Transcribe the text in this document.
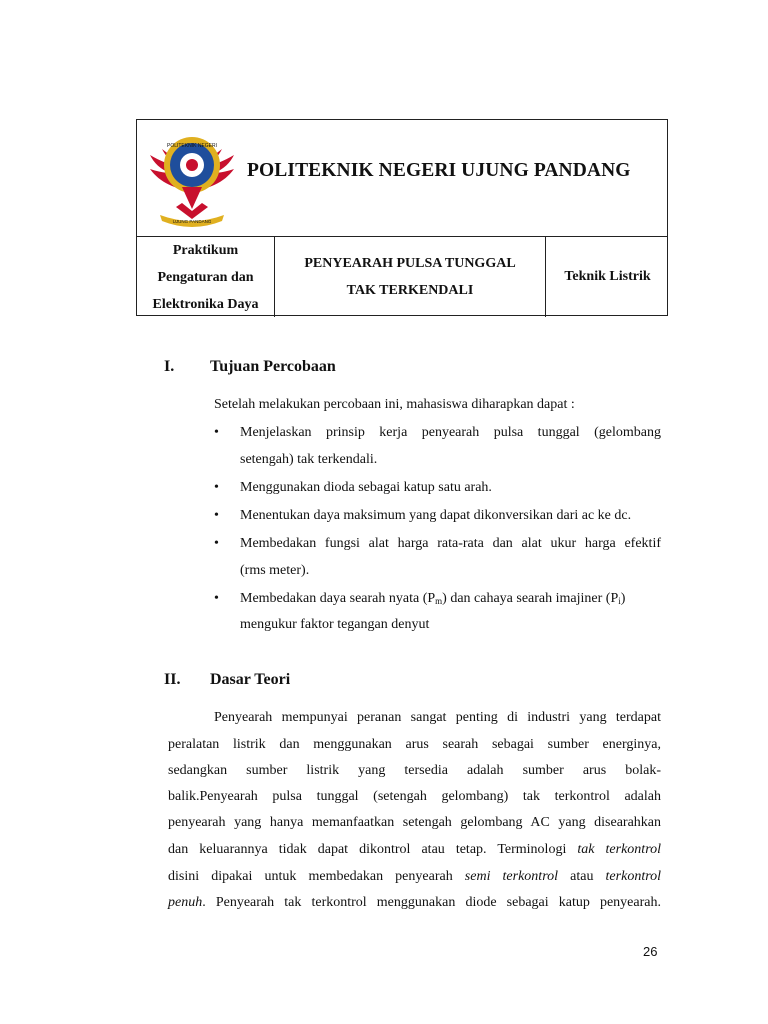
POLITEKNIK NEGERI
UJUNG PANDANG
POLITEKNIK NEGERI UJUNG PANDANG
Praktikum
Pengaturan dan
Elektronika Daya
PENYEARAH PULSA TUNGGAL
TAK TERKENDALI
Teknik Listrik
I. Tujuan Percobaan
Setelah melakukan percobaan ini, mahasiswa diharapkan dapat :
• Menjelaskan prinsip kerja penyearah pulsa tunggal (gelombang
setengah) tak terkendali.
• Menggunakan dioda sebagai katup satu arah.
• Menentukan daya maksimum yang dapat dikonversikan dari ac ke dc.
• Membedakan fungsi alat harga rata-rata dan alat ukur harga efektif
(rms meter).
• Membedakan daya searah nyata $(P_m)$ dan cahaya searah imajiner $(P_i)$
mengukur faktor tegangan denyut
II. Dasar Teori
Penyearah mempunyai peranan sangat penting di industri yang terdapat
peralatan listrik dan menggunakan arus searah sebagai sumber energinya,
sedangkan sumber listrik yang tersedia adalah sumber arus bolak-
balik.Penyearah pulsa tunggal (setengah gelombang) tak terkontrol adalah
penyearah yang hanya memanfaatkan setengah gelombang AC yang disearahkan
dan keluarannya tidak dapat dikontrol atau tetap. Terminologi tak terkontrol
disini dipakai untuk membedakan penyearah semi terkontrol atau terkontrol
penuh. Penyearah tak terkontrol menggunakan diode sebagai katup penyearah.
26
